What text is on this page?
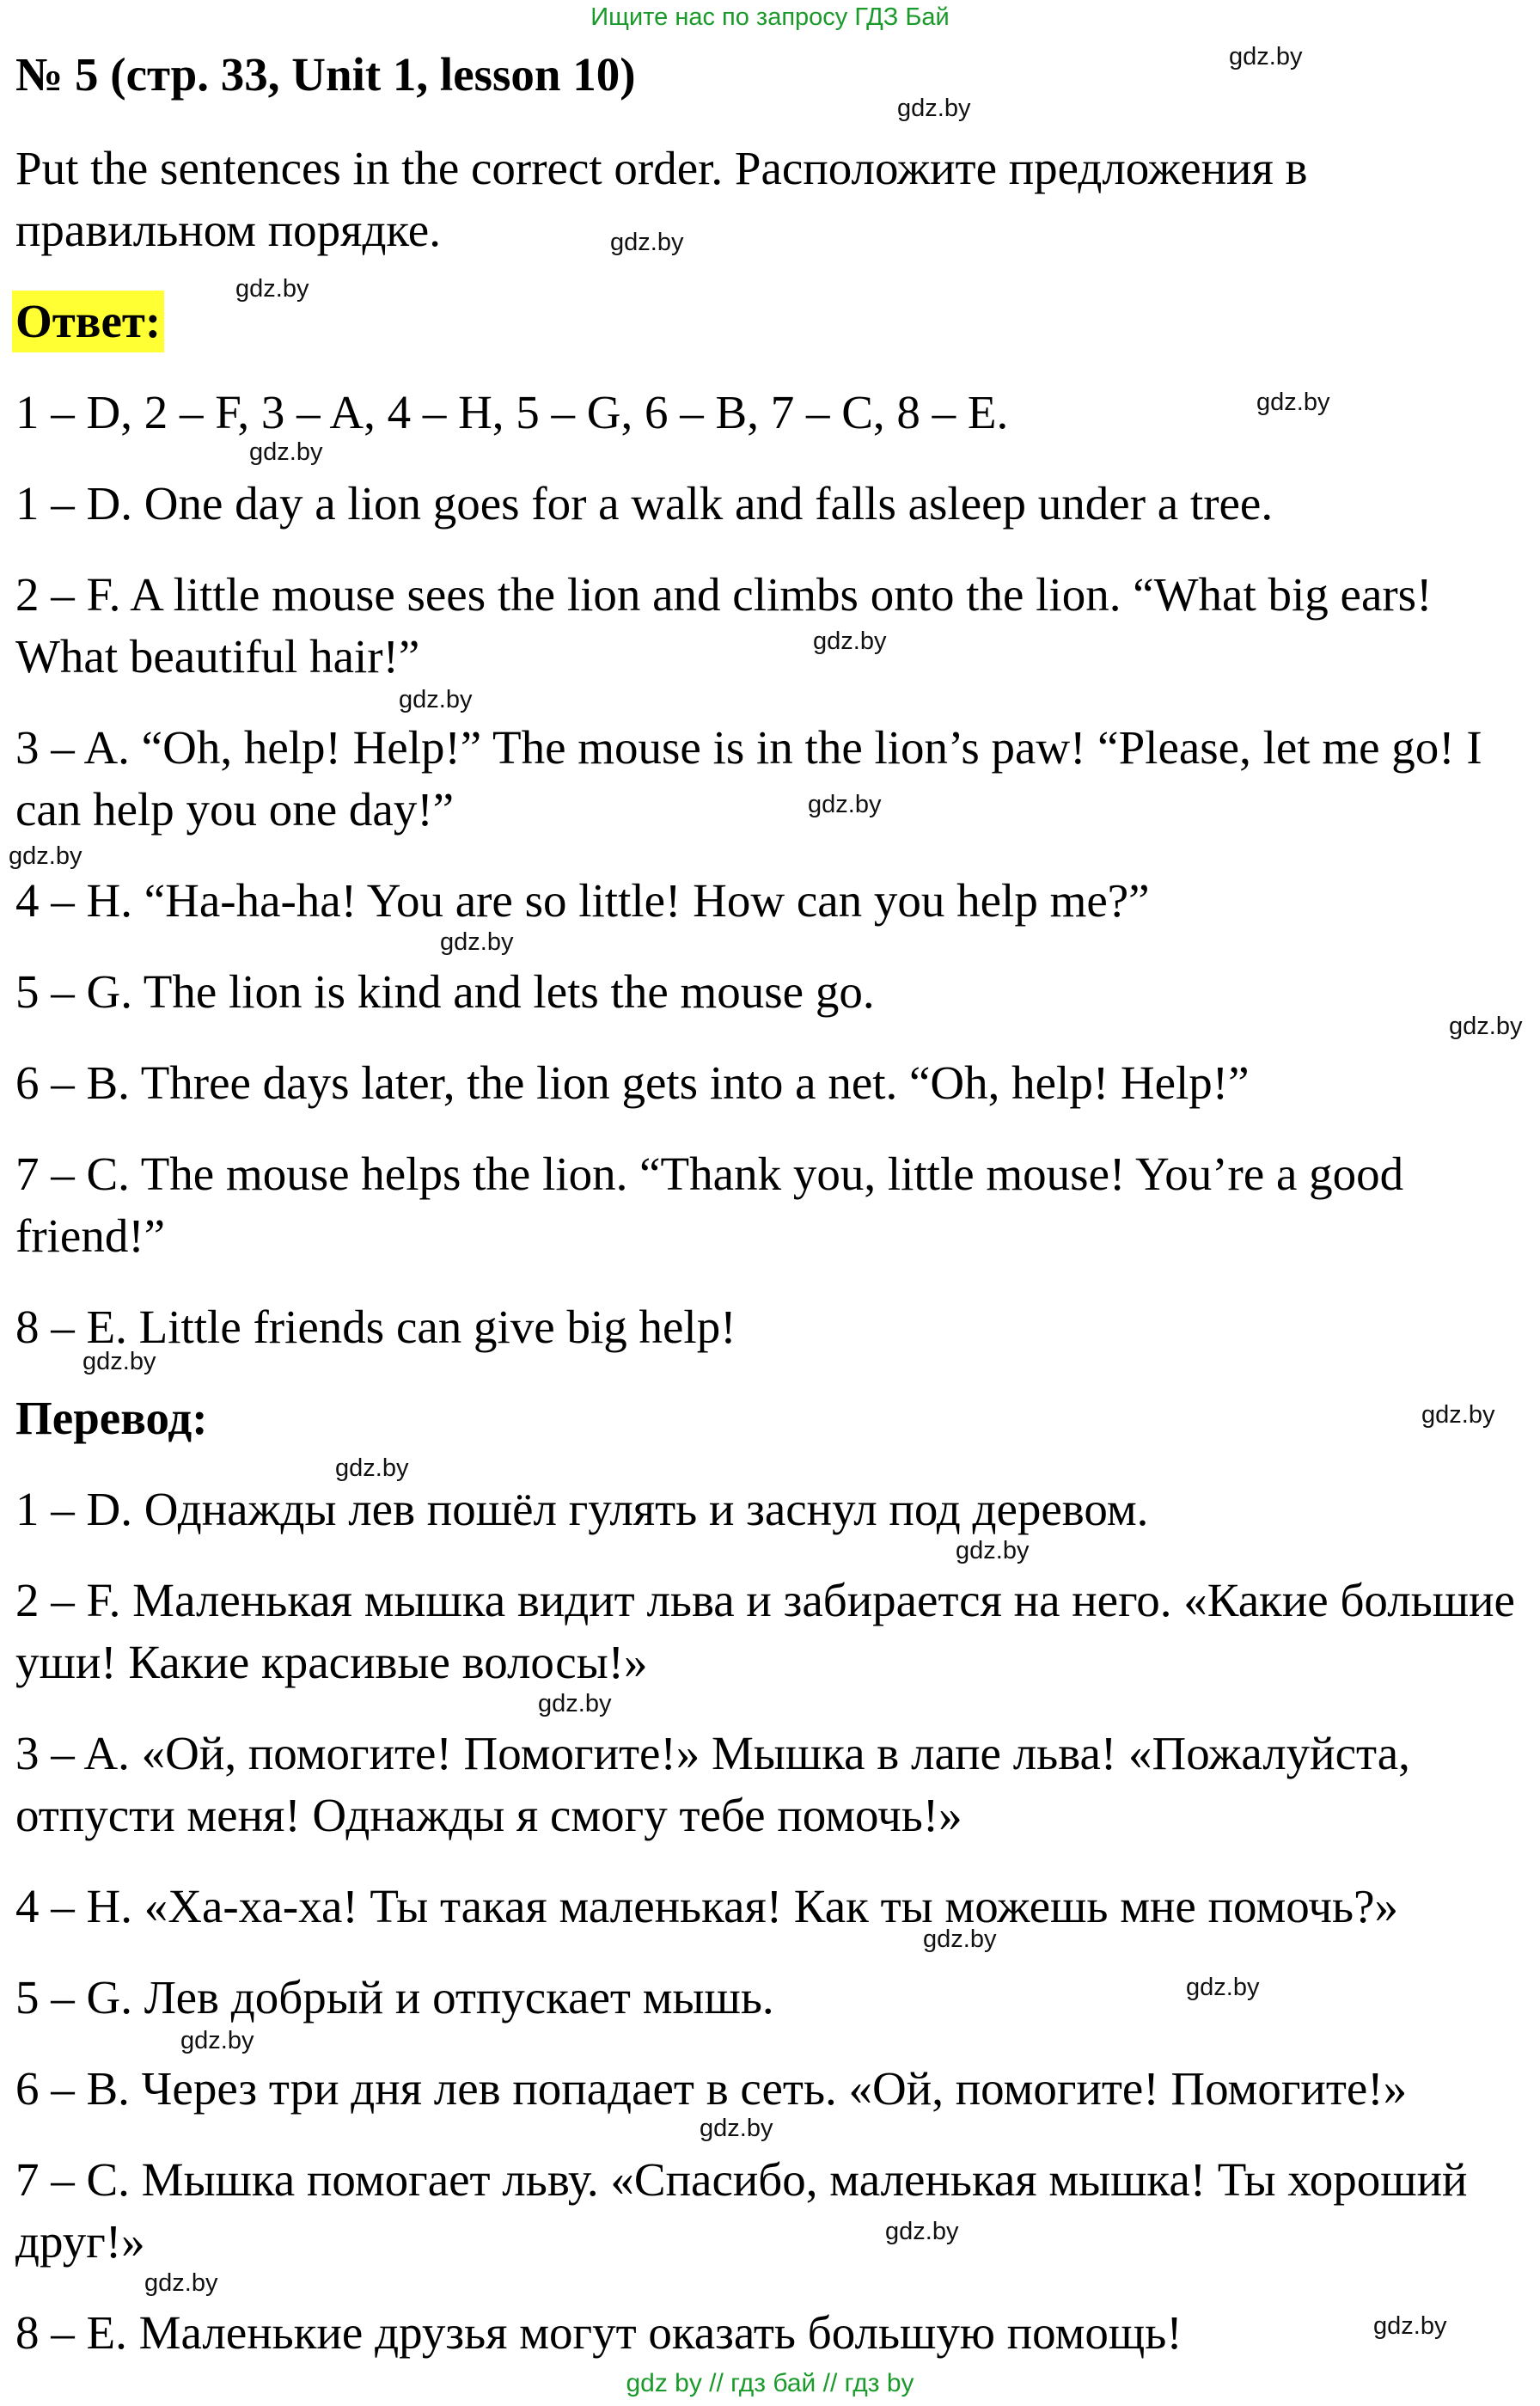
Ищите нас по запросу ГДЗ Бай
№ 5 (стр. 33, Unit 1, lesson 10)
Put the sentences in the correct order. Расположите предложения в правильном порядке.
Ответ:
1 – D, 2 – F, 3 – A, 4 – H, 5 – G, 6 – B, 7 – C, 8 – E.
1 – D. One day a lion goes for a walk and falls asleep under a tree.
2 – F. A little mouse sees the lion and climbs onto the lion. “What big ears! What beautiful hair!”
3 – A. “Oh, help! Help!” The mouse is in the lion’s paw! “Please, let me go! I can help you one day!”
4 – H. “Ha-ha-ha! You are so little! How can you help me?”
5 – G. The lion is kind and lets the mouse go.
6 – B. Three days later, the lion gets into a net. “Oh, help! Help!”
7 – C. The mouse helps the lion. “Thank you, little mouse! You’re a good friend!”
8 – E. Little friends can give big help!
Перевод:
1 – D. Однажды лев пошёл гулять и заснул под деревом.
2 – F. Маленькая мышка видит льва и забирается на него. «Какие большие уши! Какие красивые волосы!»
3 – A. «Ой, помогите! Помогите!» Мышка в лапе льва! «Пожалуйста, отпусти меня! Однажды я смогу тебе помочь!»
4 – H. «Ха-ха-ха! Ты такая маленькая! Как ты можешь мне помочь?»
5 – G. Лев добрый и отпускает мышь.
6 – B. Через три дня лев попадает в сеть. «Ой, помогите! Помогите!»
7 – C. Мышка помогает льву. «Спасибо, маленькая мышка! Ты хороший друг!»
8 – E. Маленькие друзья могут оказать большую помощь!
gdz.by
gdz.by
gdz.by
gdz.by
gdz.by
gdz.by
gdz.by
gdz.by
gdz.by
gdz.by
gdz.by
gdz.by
gdz.by
gdz.by
gdz.by
gdz.by
gdz.by
gdz.by
gdz.by
gdz.by
gdz.by
gdz.by
gdz.by
gdz.by
gdz by // гдз бай // гдз by
